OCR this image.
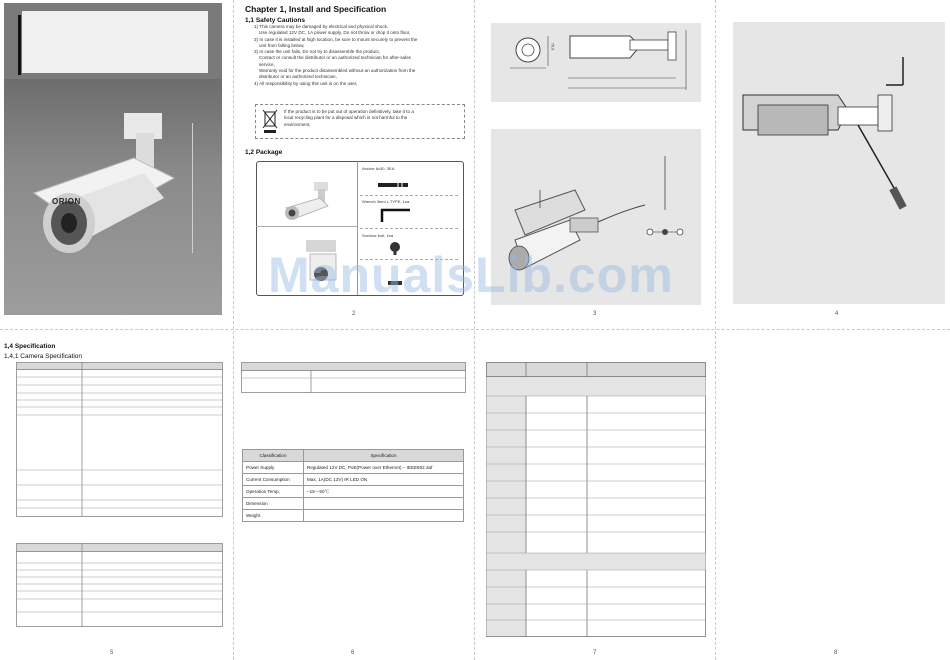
ORION
Chapter 1, Install and Specification
1,1 Safety Cautions
1) This camera may be damaged by electrical and physical shock,
Use regulated 12V DC, 1A power supply, Do not throw or drop it onto floor,
2) In case it is installed at high location, be sure to mount securely to prevent the
unit from falling below,
3) In case the unit fails, Do not try to disassemble the product,
Contact or consult the distributor or an authorized technician for after-sales
service,
Warranty void for the product disassembled without an authorization from the
distributor or an authorized technician,
4) All responsibility by using this unit is on the user,
If the product is to be put out of operation definitively, take it to a
local recycling plant for a disposal which is not harmful to the
environment,
1,2 Package
Anchor 6x30, 3EA
Wrench 3mm L TYPE, 1ea
Survisor bolt, 1ea
2
76.9
3	4
1,4 Specification
1,4,1 Camera Specification
5
Classification	Specification
Power Supply	Regulated 12V DC, PoE(Power over Ethernet) – IEEE802.3af
Current Consumption	Max, 1A(DC 12V) IR LED ON
Operation Temp,	−15〜50℃
Dimension	
Weight	
6	7	8
ManualsLib.com
